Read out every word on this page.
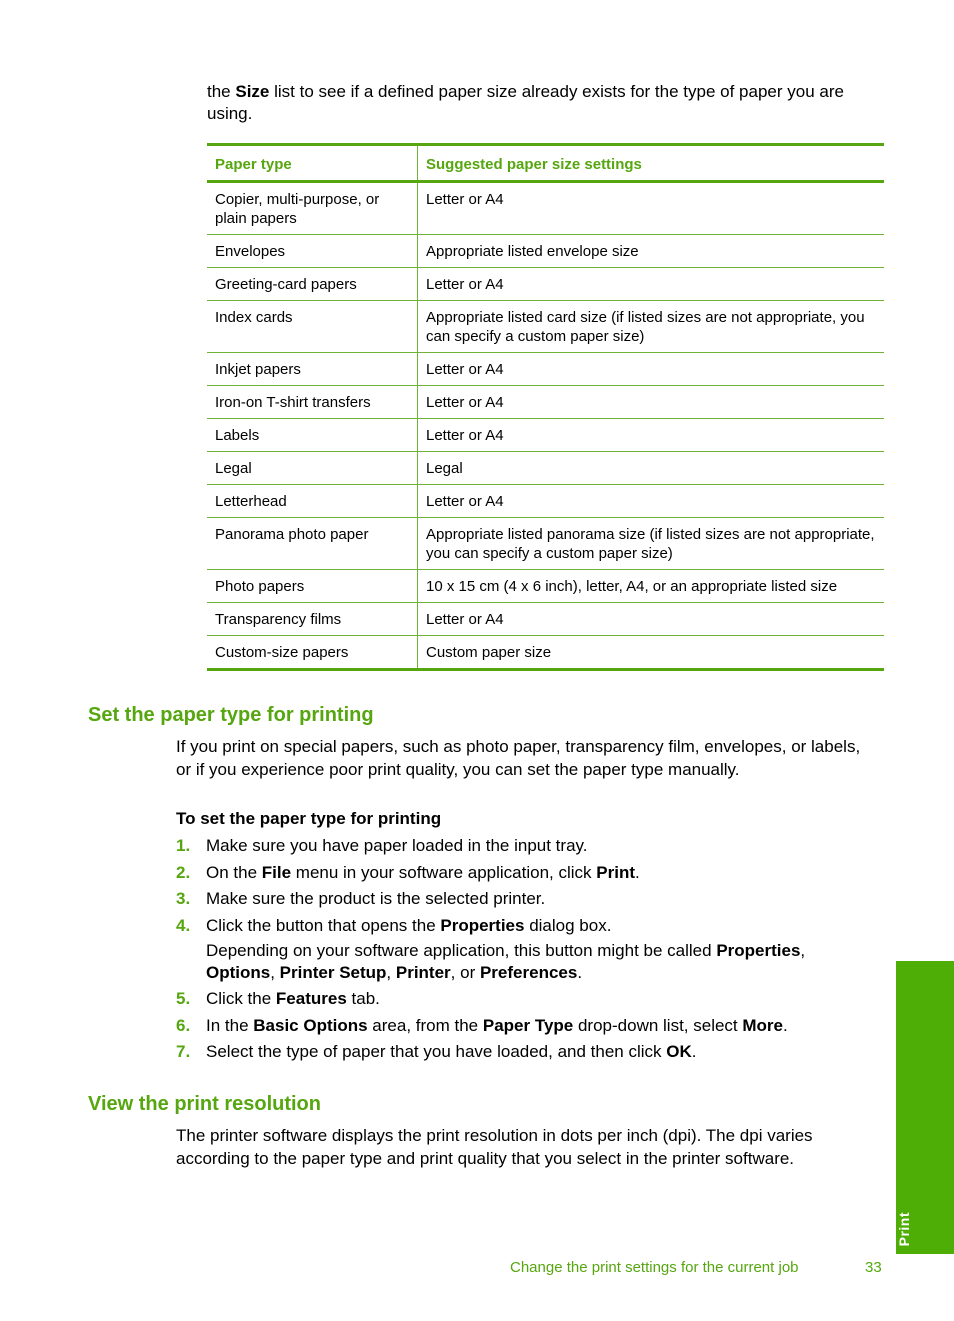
the Size list to see if a defined paper size already exists for the type of paper you are using.

Paper type	Suggested paper size settings
Copier, multi-purpose, or plain papers	Letter or A4
Envelopes	Appropriate listed envelope size
Greeting-card papers	Letter or A4
Index cards	Appropriate listed card size (if listed sizes are not appropriate, you can specify a custom paper size)
Inkjet papers	Letter or A4
Iron-on T-shirt transfers	Letter or A4
Labels	Letter or A4
Legal	Legal
Letterhead	Letter or A4
Panorama photo paper	Appropriate listed panorama size (if listed sizes are not appropriate, you can specify a custom paper size)
Photo papers	10 x 15 cm (4 x 6 inch), letter, A4, or an appropriate listed size
Transparency films	Letter or A4
Custom-size papers	Custom paper size
Set the paper type for printing

If you print on special papers, such as photo paper, transparency film, envelopes, or labels, or if you experience poor print quality, you can set the paper type manually.

To set the paper type for printing

1. Make sure you have paper loaded in the input tray.
2. On the File menu in your software application, click Print.
3. Make sure the product is the selected printer.
4. Click the button that opens the Properties dialog box.
Depending on your software application, this button might be called Properties, Options, Printer Setup, Printer, or Preferences.
5. Click the Features tab.
6. In the Basic Options area, from the Paper Type drop-down list, select More.
7. Select the type of paper that you have loaded, and then click OK.
View the print resolution

The printer software displays the print resolution in dots per inch (dpi). The dpi varies according to the paper type and print quality that you select in the printer software.

Print
Change the print settings for the current job	33
